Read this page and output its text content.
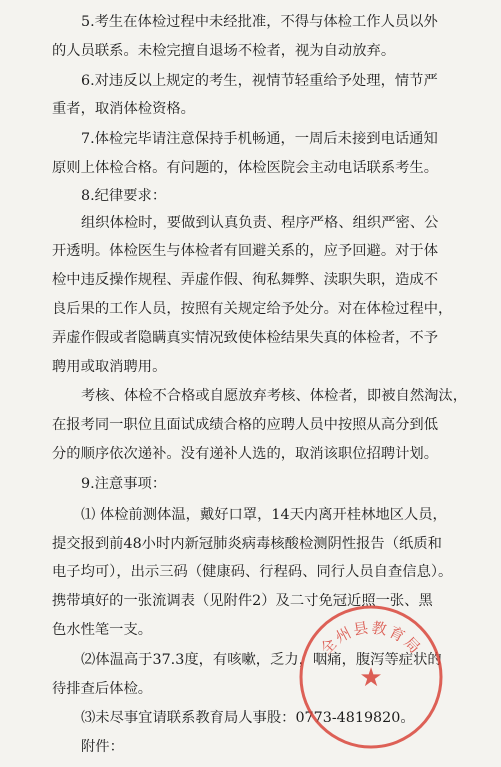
5.考生在体检过程中未经批准，不得与体检工作人员以外
的人员联系。未检完擅自退场不检者，视为自动放弃。
6.对违反以上规定的考生，视情节轻重给予处理，情节严
重者，取消体检资格。
7.体检完毕请注意保持手机畅通，一周后未接到电话通知
原则上体检合格。有问题的，体检医院会主动电话联系考生。
8.纪律要求：
组织体检时，要做到认真负责、程序严格、组织严密、公
开透明。体检医生与体检者有回避关系的，应予回避。对于体
检中违反操作规程、弄虚作假、徇私舞弊、渎职失职，造成不
良后果的工作人员，按照有关规定给予处分。对在体检过程中，
弄虚作假或者隐瞒真实情况致使体检结果失真的体检者，不予
聘用或取消聘用。
考核、体检不合格或自愿放弃考核、体检者，即被自然淘汰，
在报考同一职位且面试成绩合格的应聘人员中按照从高分到低
分的顺序依次递补。没有递补人选的，取消该职位招聘计划。
9.注意事项：
⑴ 体检前测体温，戴好口罩，14天内离开桂林地区人员，
提交报到前48小时内新冠肺炎病毒核酸检测阴性报告（纸质和
电子均可），出示三码（健康码、行程码、同行人员自查信息）。
携带填好的一张流调表（见附件2）及二寸免冠近照一张、黑
色水性笔一支。
⑵体温高于37.3度，有咳嗽，乏力，咽痛，腹泻等症状的
待排查后体检。
⑶未尽事宜请联系教育局人事股：0773-4819820。
附件：
全州县教育局
★
